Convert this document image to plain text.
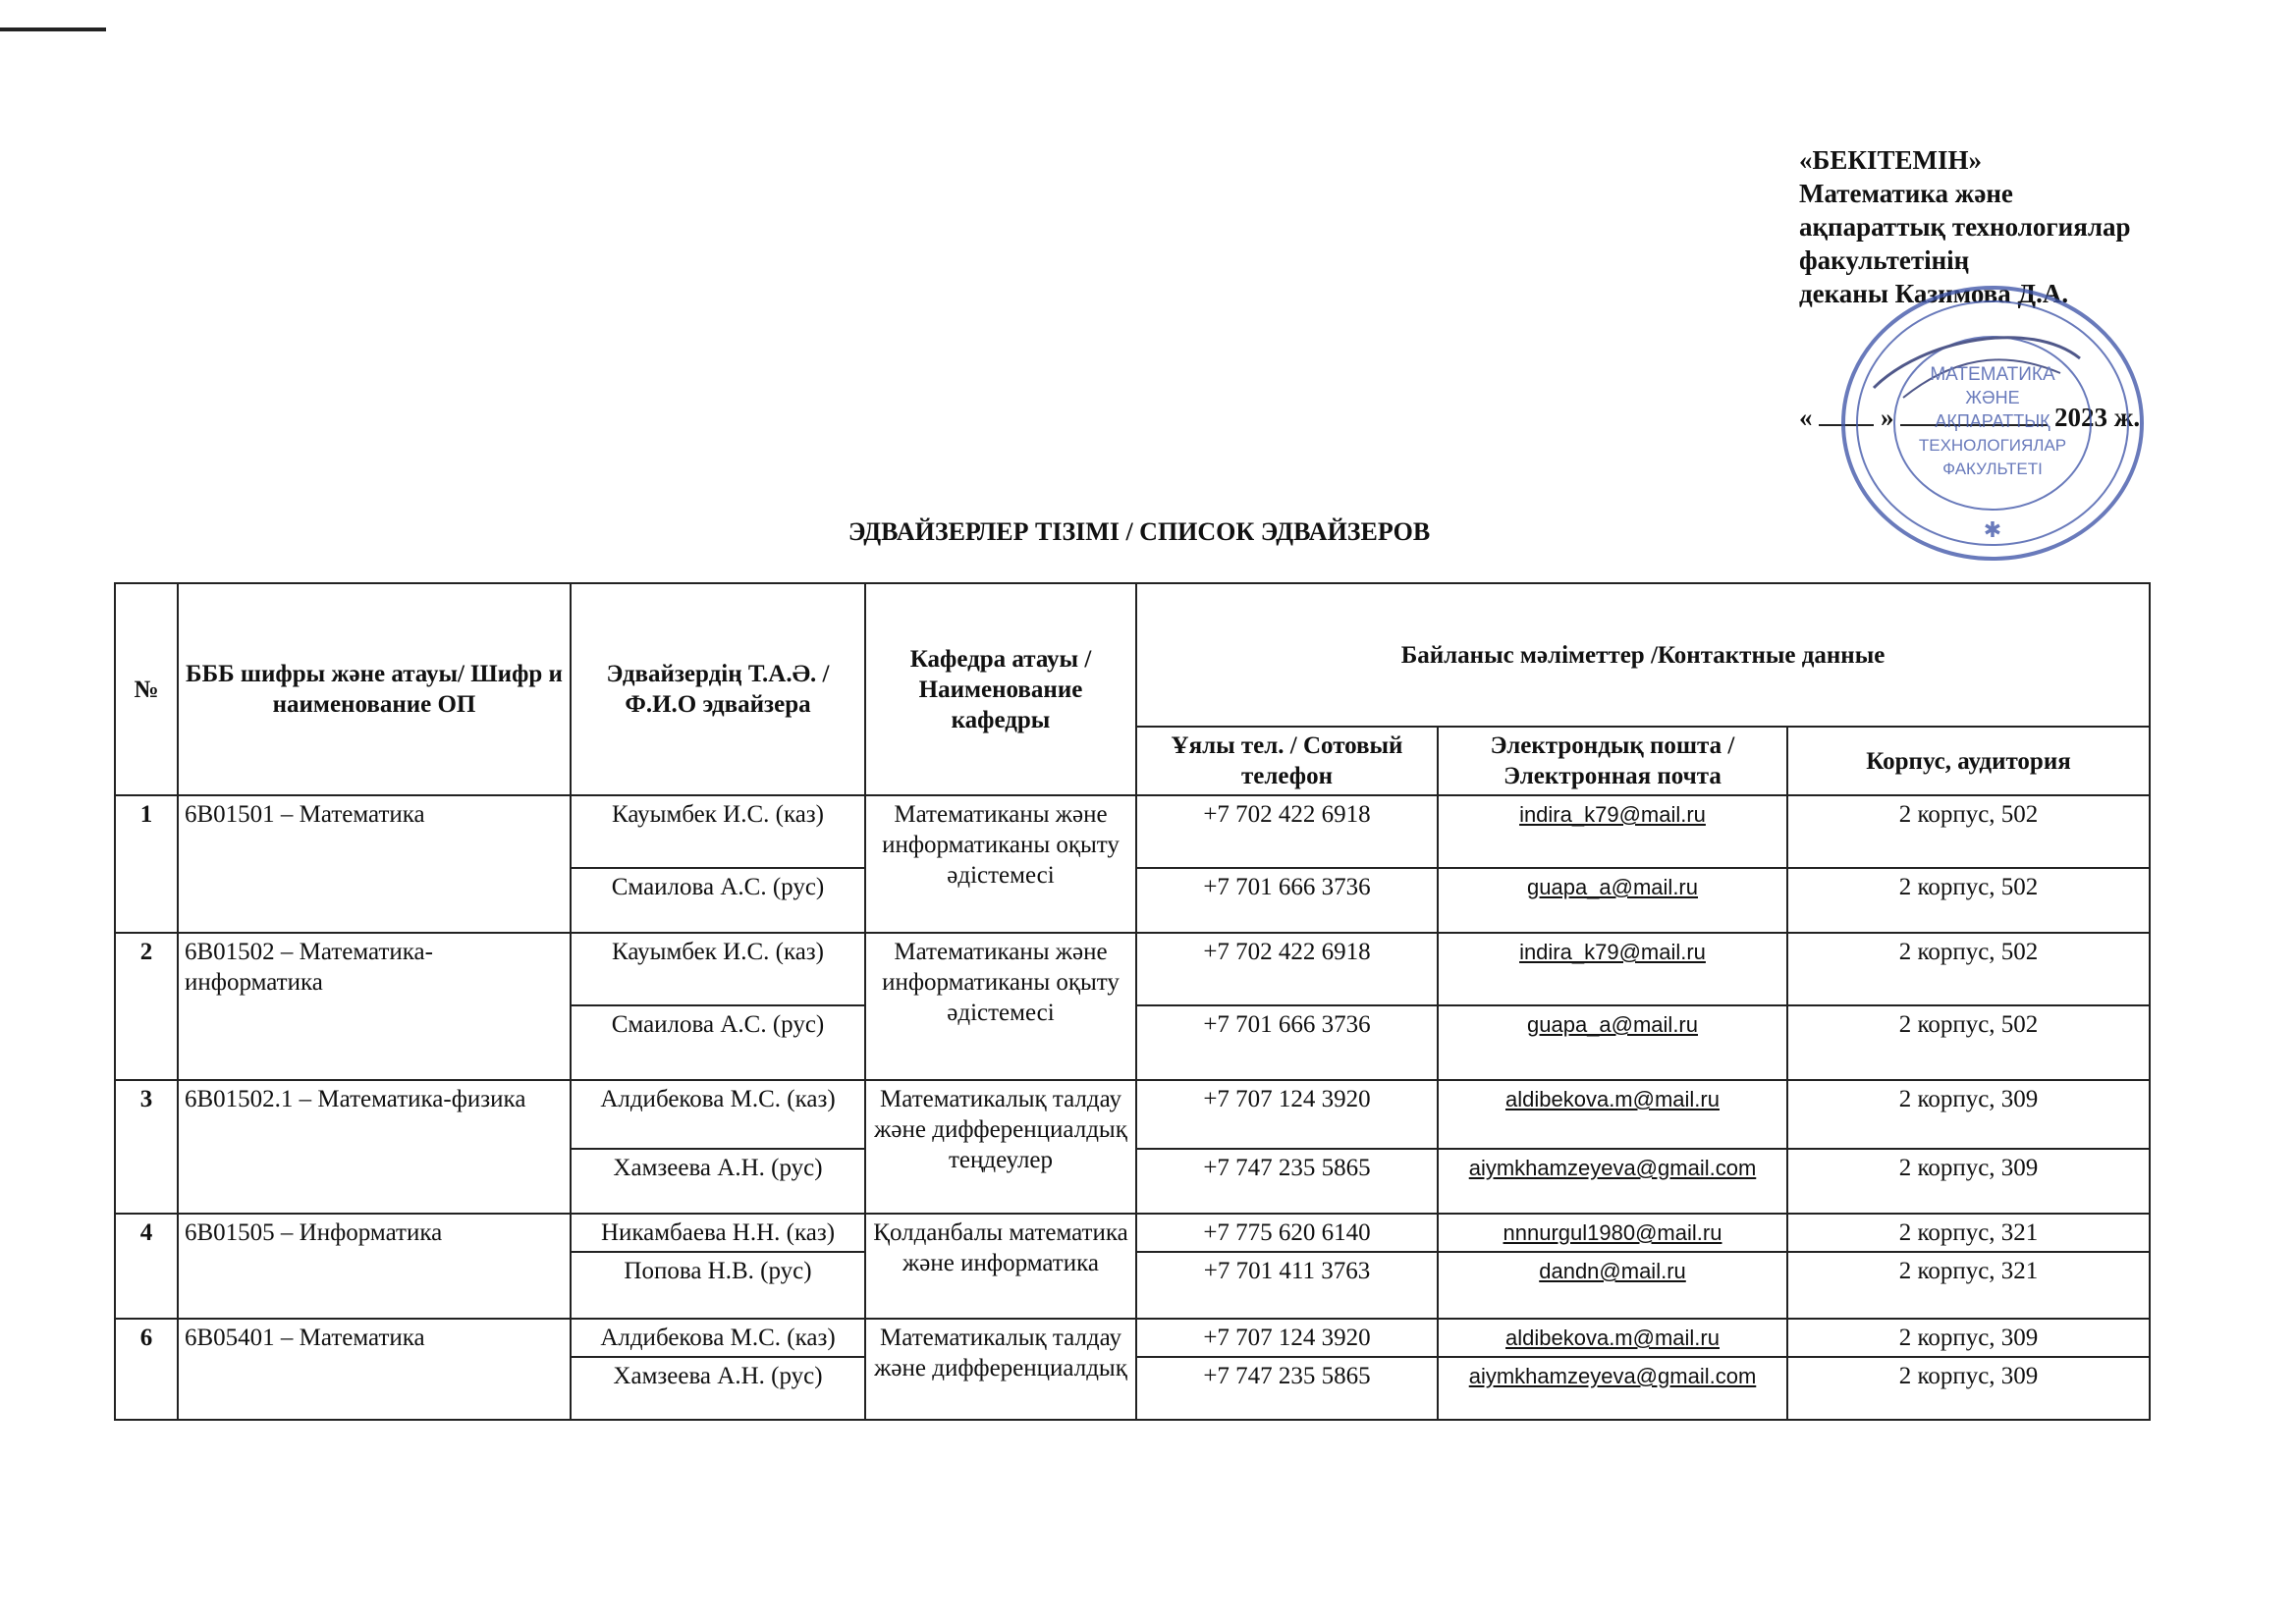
«БЕКІТЕМІН»
Математика және
ақпараттық технологиялар
факультетінің
деканы Казимова Д.А.
«	»	2023 ж.
МАТЕМАТИКА
ЖӘНЕ
АҚПАРАТТЫҚ
ТЕХНОЛОГИЯЛАР
ФАКУЛЬТЕТІ
✱
ЭДВАЙЗЕРЛЕР ТІЗІМІ / СПИСОК ЭДВАЙЗЕРОВ
№	БББ шифры және атауы/ Шифр и наименование ОП	Эдвайзердің Т.А.Ә. / Ф.И.О эдвайзера	Кафедра атауы / Наименование кафедры	Байланыс мәліметтер /Контактные данные		
				Ұялы тел. / Сотовый телефон	Электрондық пошта /Электронная почта	Корпус, аудитория
1	6В01501 – Математика	Кауымбек И.С. (каз)	Математиканы және информатиканы оқыту әдістемесі	+7 702 422 6918	indira_k79@mail.ru	2 корпус, 502
		Смаилова А.С. (рус)		+7 701 666 3736	guapa_a@mail.ru	2 корпус, 502
2	6В01502 – Математика-информатика	Кауымбек И.С. (каз)	Математиканы және информатиканы оқыту әдістемесі	+7 702 422 6918	indira_k79@mail.ru	2 корпус, 502
		Смаилова А.С. (рус)		+7 701 666 3736	guapa_a@mail.ru	2 корпус, 502
3	6В01502.1 – Математика-физика	Алдибекова М.С. (каз)	Математикалық талдау және дифференциалдық теңдеулер	+7 707 124 3920	aldibekova.m@mail.ru	2 корпус, 309
		Хамзеева А.Н. (рус)		+7 747 235 5865	aiymkhamzeyeva@gmail.com	2 корпус, 309
4	6В01505 – Информатика	Никамбаева Н.Н. (каз)	Қолданбалы математика және информатика	+7 775 620 6140	nnnurgul1980@mail.ru	2 корпус, 321
		Попова Н.В. (рус)		+7 701 411 3763	dandn@mail.ru	2 корпус, 321
6	6В05401 – Математика	Алдибекова М.С. (каз)	Математикалық талдау және дифференциалдық	+7 707 124 3920	aldibekova.m@mail.ru	2 корпус, 309
		Хамзеева А.Н. (рус)		+7 747 235 5865	aiymkhamzeyeva@gmail.com	2 корпус, 309
